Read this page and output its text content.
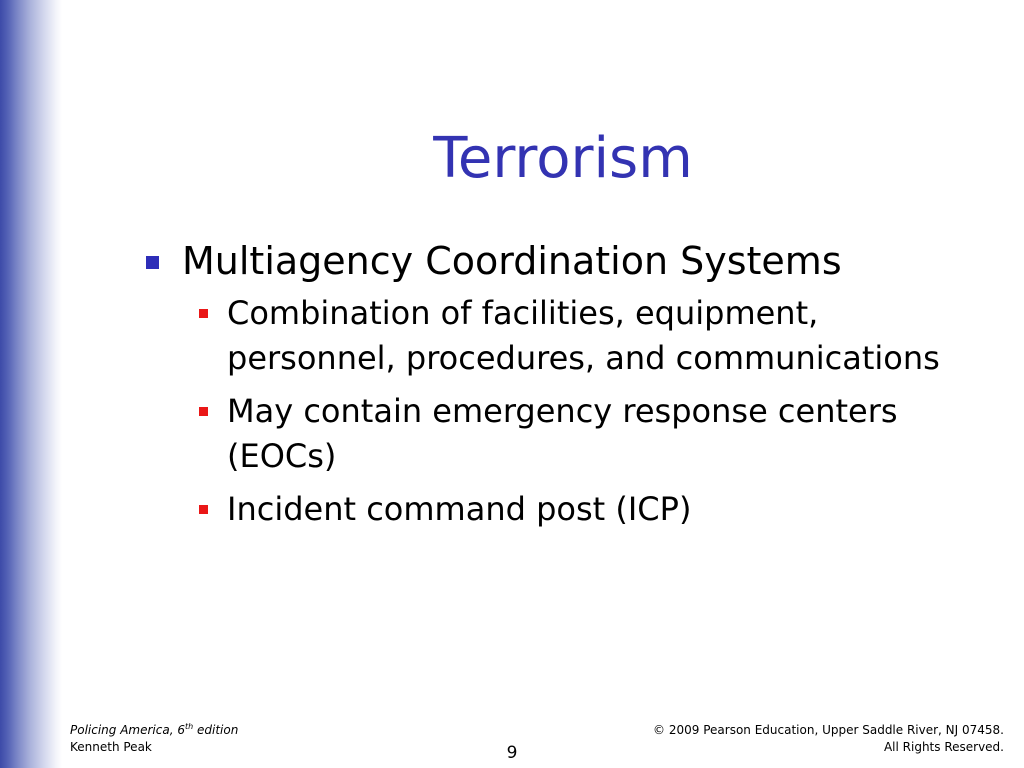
Terrorism
Multiagency Coordination Systems
Combination of facilities, equipment, personnel, procedures, and communications
May contain emergency response centers (EOCs)
Incident command post (ICP)
Policing America, 6th edition
Kenneth Peak	9
© 2009 Pearson Education, Upper Saddle River, NJ 07458.
All Rights Reserved.
